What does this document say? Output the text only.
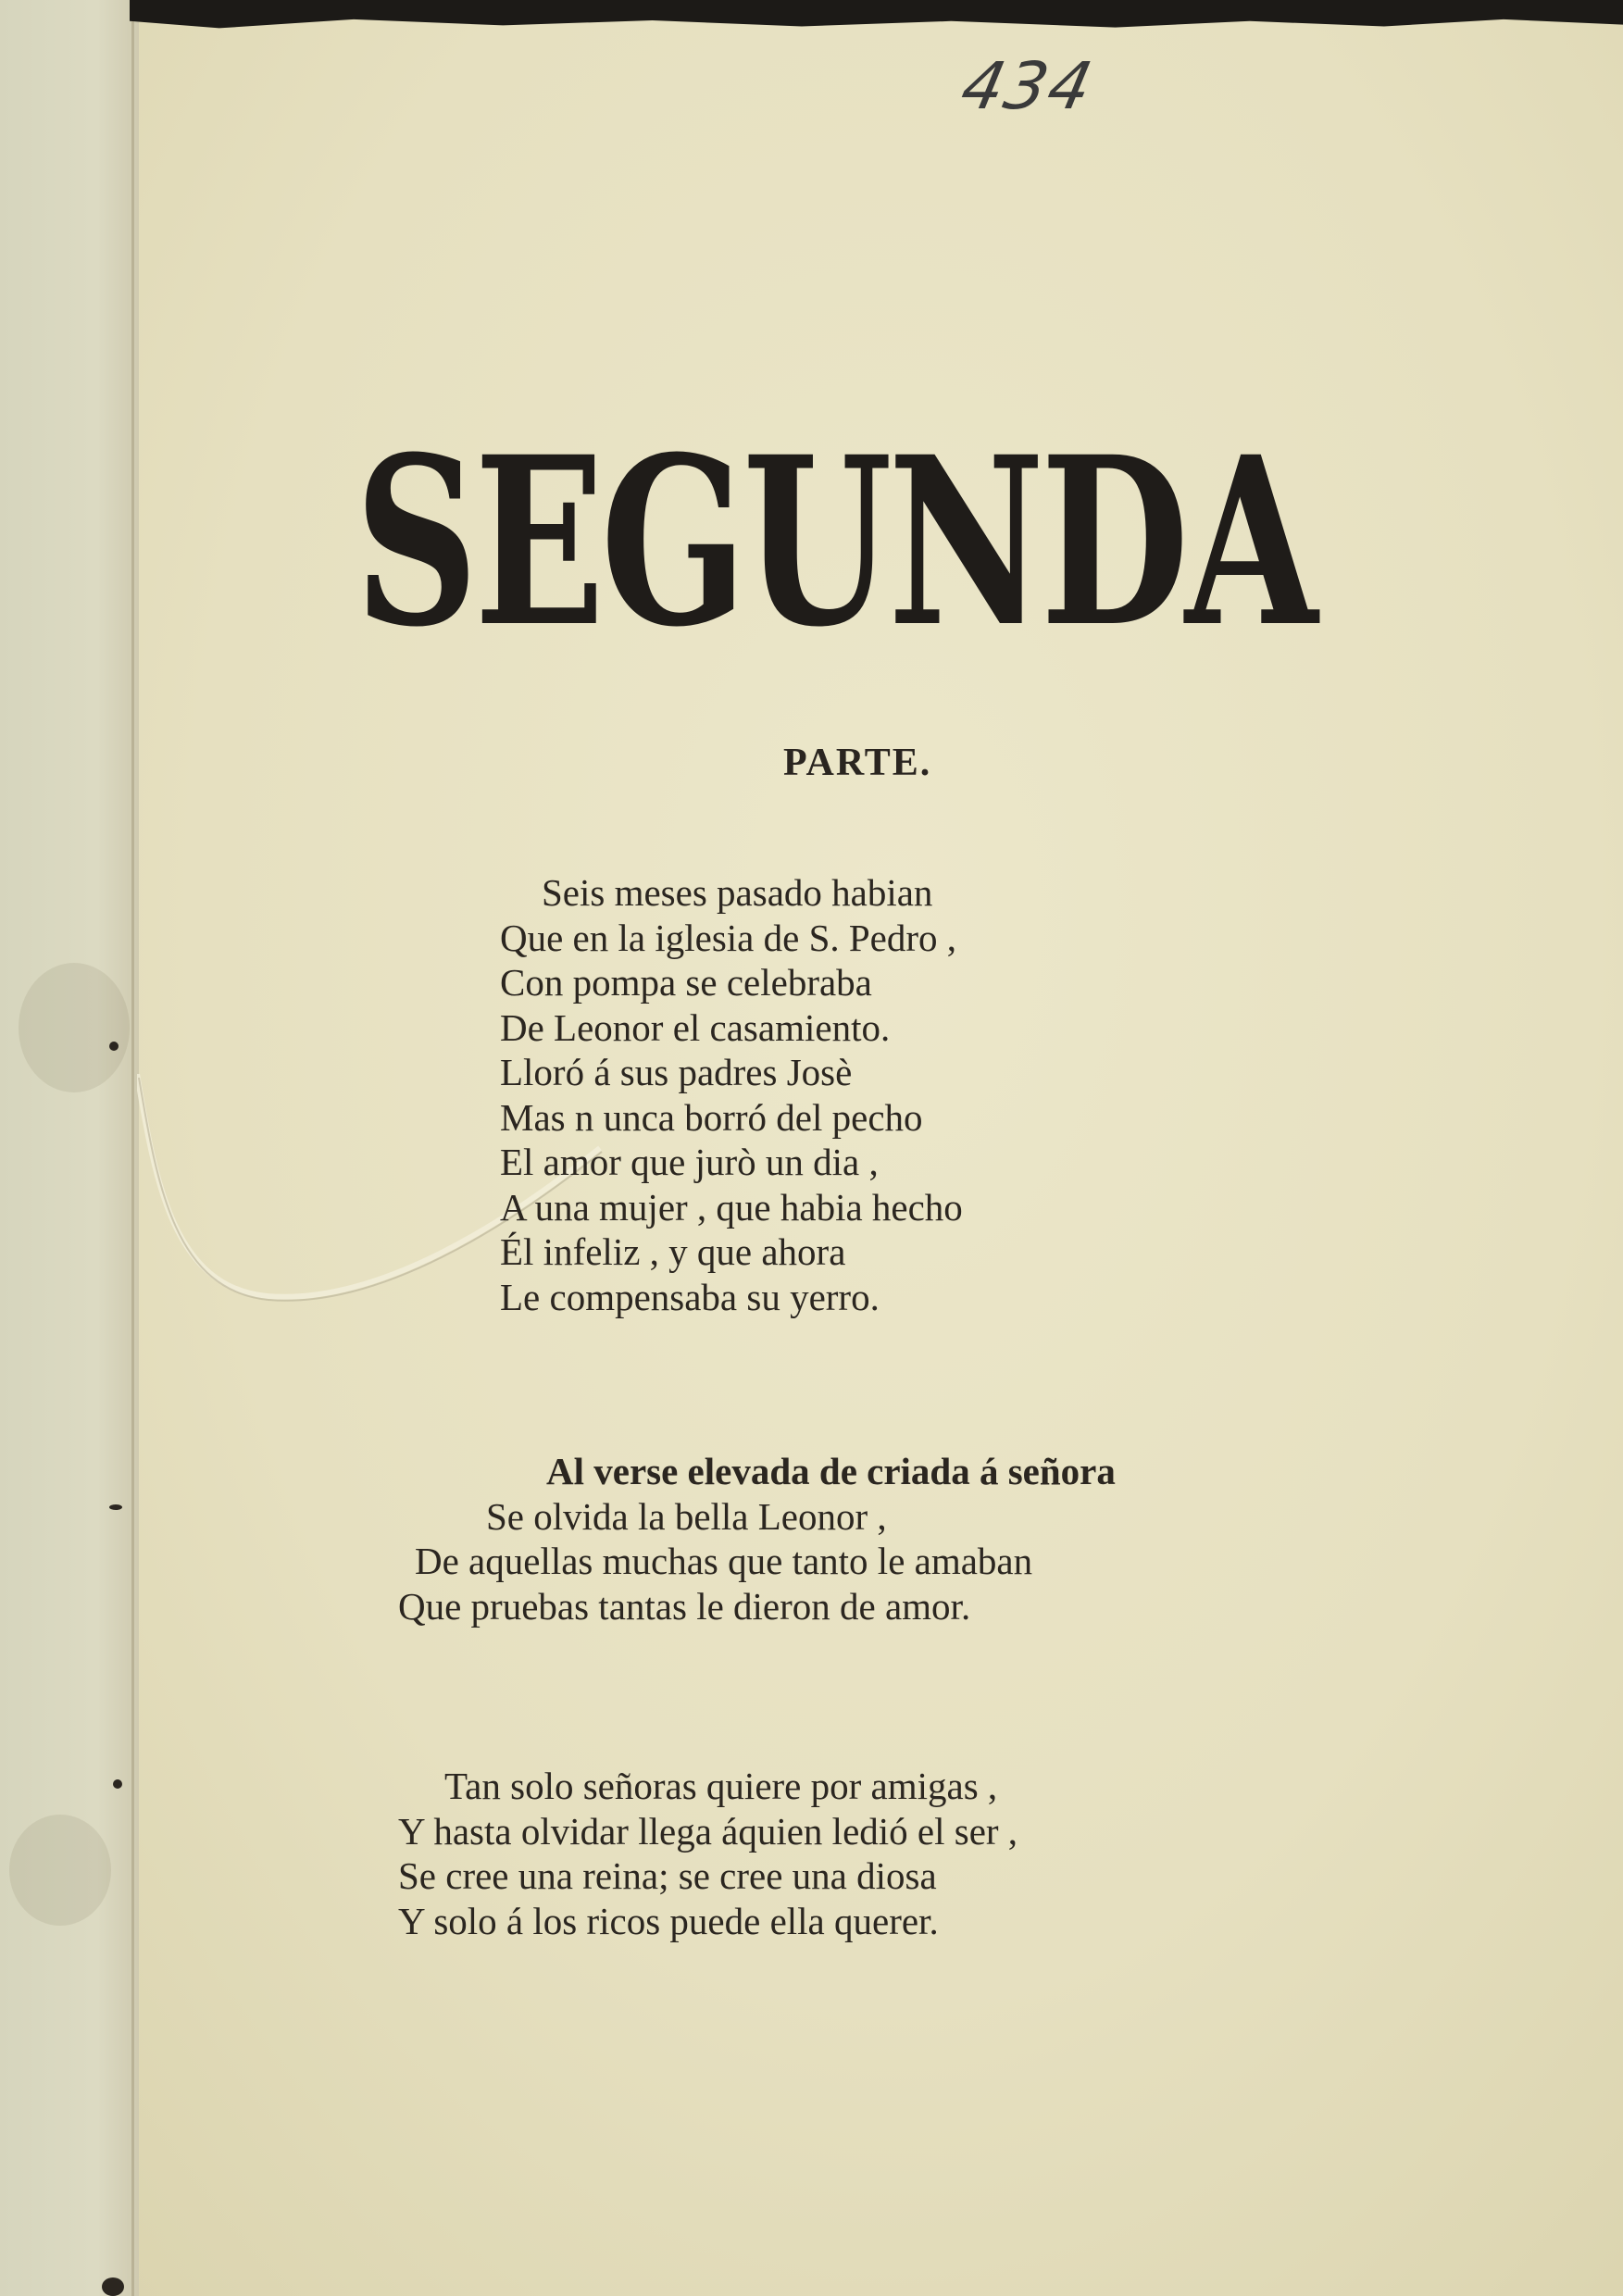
434
SEGUNDA
PARTE.
Seis meses pasado habian
Que en la iglesia de S. Pedro ,
Con pompa se celebraba
De Leonor el casamiento.
Lloró á sus padres Josè
Mas n unca borró del pecho
El amor que jurò un dia ,
A una mujer , que habia hecho
Él infeliz , y que ahora
Le compensaba su yerro.
Al verse elevada de criada á señora
Se olvida la bella Leonor ,
De aquellas muchas que tanto le amaban
Que pruebas tantas le dieron de amor.
Tan solo señoras quiere por amigas ,
Y hasta olvidar llega áquien ledió el ser ,
Se cree una reina; se cree una diosa
Y solo á los ricos puede ella querer.
